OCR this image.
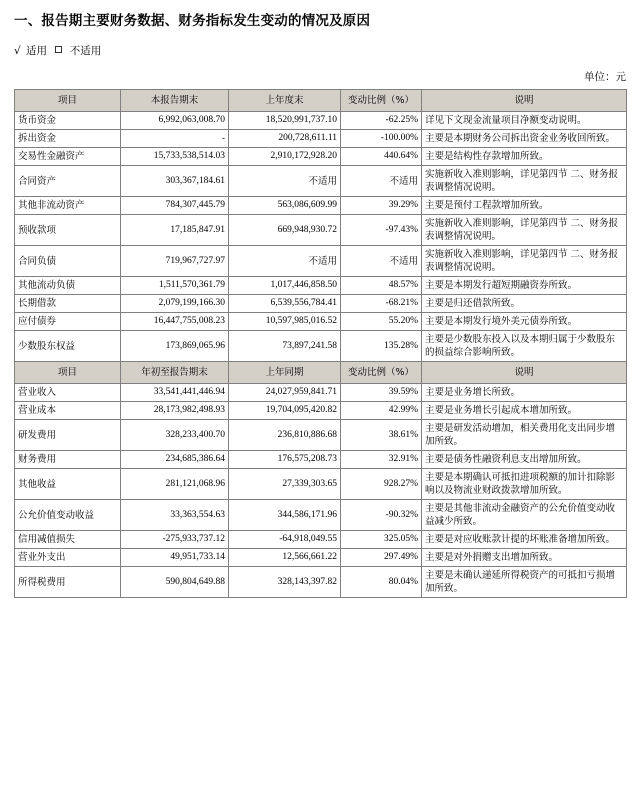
一、报告期主要财务数据、财务指标发生变动的情况及原因
√ 适用 不适用
单位：元
项目	本报告期末	上年度末	变动比例（%）	说明
货币资金	6,992,063,008.70	18,520,991,737.10	-62.25%	详见下文现金流量项目净额变动说明。
拆出资金	-	200,728,611.11	-100.00%	主要是本期财务公司拆出资金业务收回所致。
交易性金融资产	15,733,538,514.03	2,910,172,928.20	440.64%	主要是结构性存款增加所致。
合同资产	303,367,184.61	不适用	不适用	实施新收入准则影响，详见第四节 二、财务报表调整情况说明。
其他非流动资产	784,307,445.79	563,086,609.99	39.29%	主要是预付工程款增加所致。
预收款项	17,185,847.91	669,948,930.72	-97.43%	实施新收入准则影响，详见第四节 二、财务报表调整情况说明。
合同负债	719,967,727.97	不适用	不适用	实施新收入准则影响，详见第四节 二、财务报表调整情况说明。
其他流动负债	1,511,570,361.79	1,017,446,858.50	48.57%	主要是本期发行超短期融资券所致。
长期借款	2,079,199,166.30	6,539,556,784.41	-68.21%	主要是归还借款所致。
应付债券	16,447,755,008.23	10,597,985,016.52	55.20%	主要是本期发行境外美元债券所致。
少数股东权益	173,869,065.96	73,897,241.58	135.28%	主要是少数股东投入以及本期归属于少数股东的损益综合影响所致。
项目	年初至报告期末	上年同期	变动比例（%）	说明
营业收入	33,541,441,446.94	24,027,959,841.71	39.59%	主要是业务增长所致。
营业成本	28,173,982,498.93	19,704,095,420.82	42.99%	主要是业务增长引起成本增加所致。
研发费用	328,233,400.70	236,810,886.68	38.61%	主要是研发活动增加，相关费用化支出同步增加所致。
财务费用	234,685,386.64	176,575,208.73	32.91%	主要是债务性融资利息支出增加所致。
其他收益	281,121,068.96	27,339,303.65	928.27%	主要是本期确认可抵扣进项税额的加计扣除影响以及物流业财政拨款增加所致。
公允价值变动收益	33,363,554.63	344,586,171.96	-90.32%	主要是其他非流动金融资产的公允价值变动收益减少所致。
信用减值损失	-275,933,737.12	-64,918,049.55	325.05%	主要是对应收账款计提的坏账准备增加所致。
营业外支出	49,951,733.14	12,566,661.22	297.49%	主要是对外捐赠支出增加所致。
所得税费用	590,804,649.88	328,143,397.82	80.04%	主要是未确认递延所得税资产的可抵扣亏损增加所致。
